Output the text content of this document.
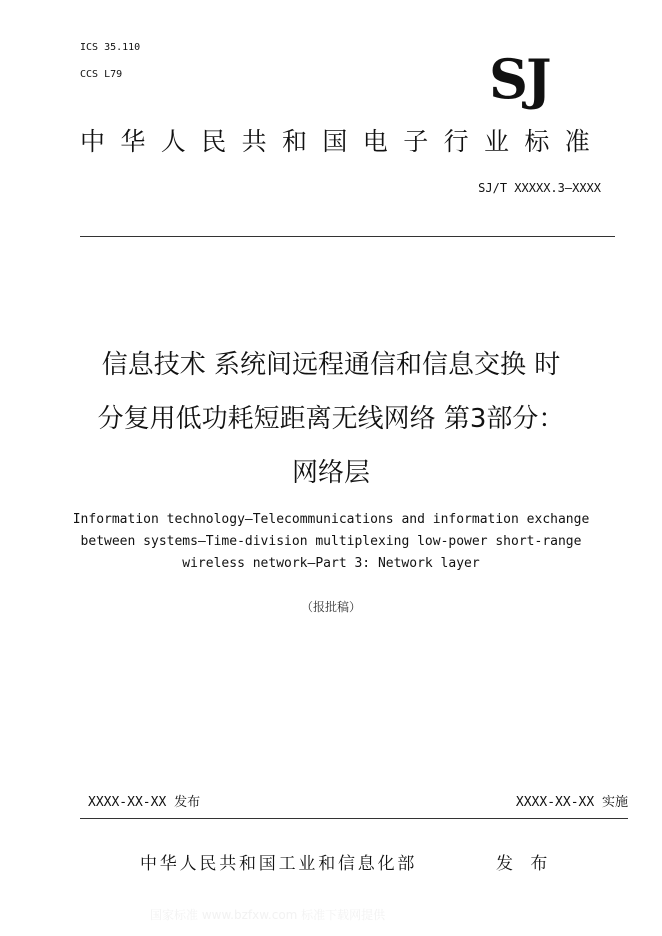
ICS 35.110
CCS L79	SJ
中华人民共和国电子行业标准
SJ/T XXXXX.3—XXXX
信息技术 系统间远程通信和信息交换 时
分复用低功耗短距离无线网络 第3部分：
网络层
Information technology—Telecommunications and information exchange
between systems—Time-division multiplexing low-power short-range
wireless network—Part 3: Network layer
（报批稿）
XXXX-XX-XX 发布	XXXX-XX-XX 实施
中华人民共和国工业和信息化部	发 布
国家标准 www.bzfxw.com 标准下载网提供
